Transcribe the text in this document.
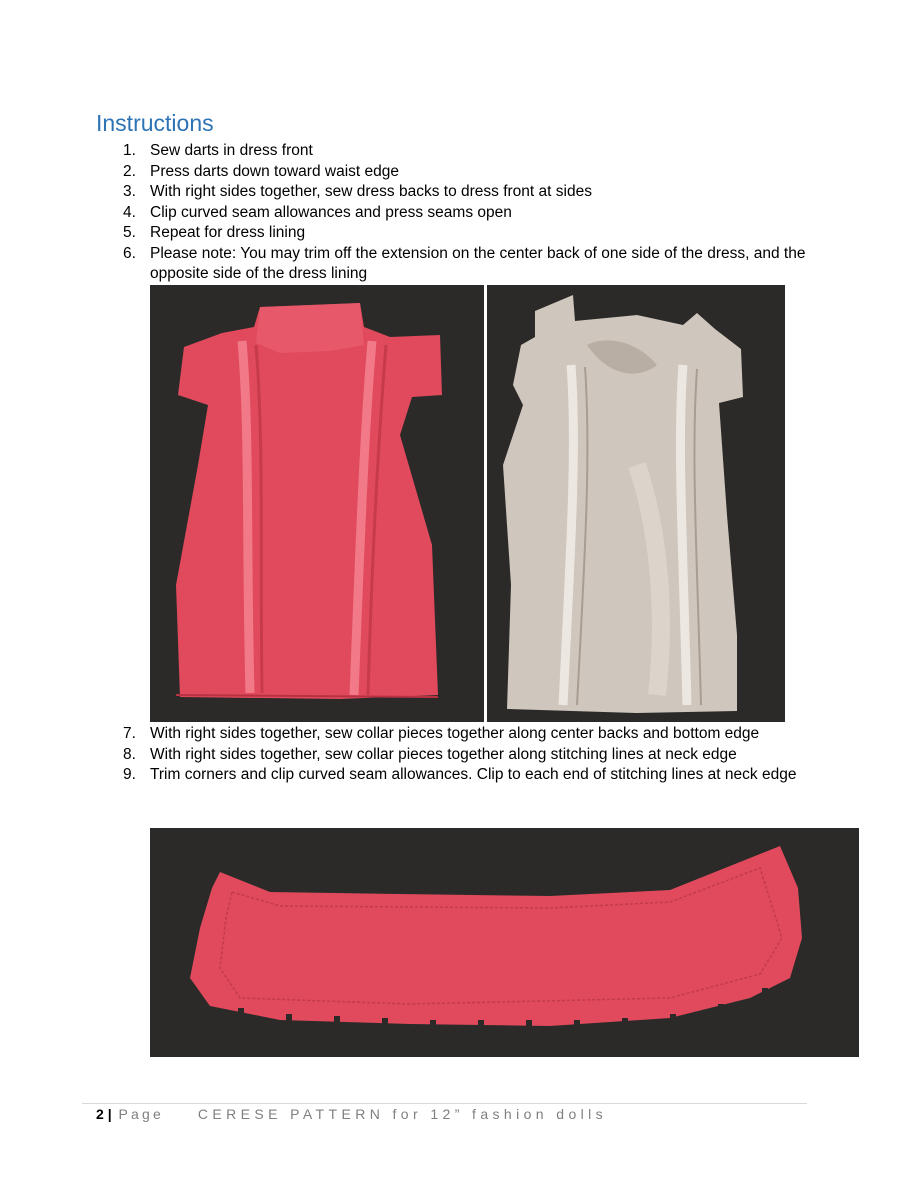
Instructions
1. Sew darts in dress front
2. Press darts down toward waist edge
3. With right sides together, sew dress backs to dress front at sides
4. Clip curved seam allowances and press seams open
5. Repeat for dress lining
6. Please note: You may trim off the extension on the center back of one side of the dress, and the opposite side of the dress lining
7. With right sides together, sew collar pieces together along center backs and bottom edge
8. With right sides together, sew collar pieces together along stitching lines at neck edge
9. Trim corners and clip curved seam allowances. Clip to each end of stitching lines at neck edge
2 | Page CERESE PATTERN for 12” fashion dolls
